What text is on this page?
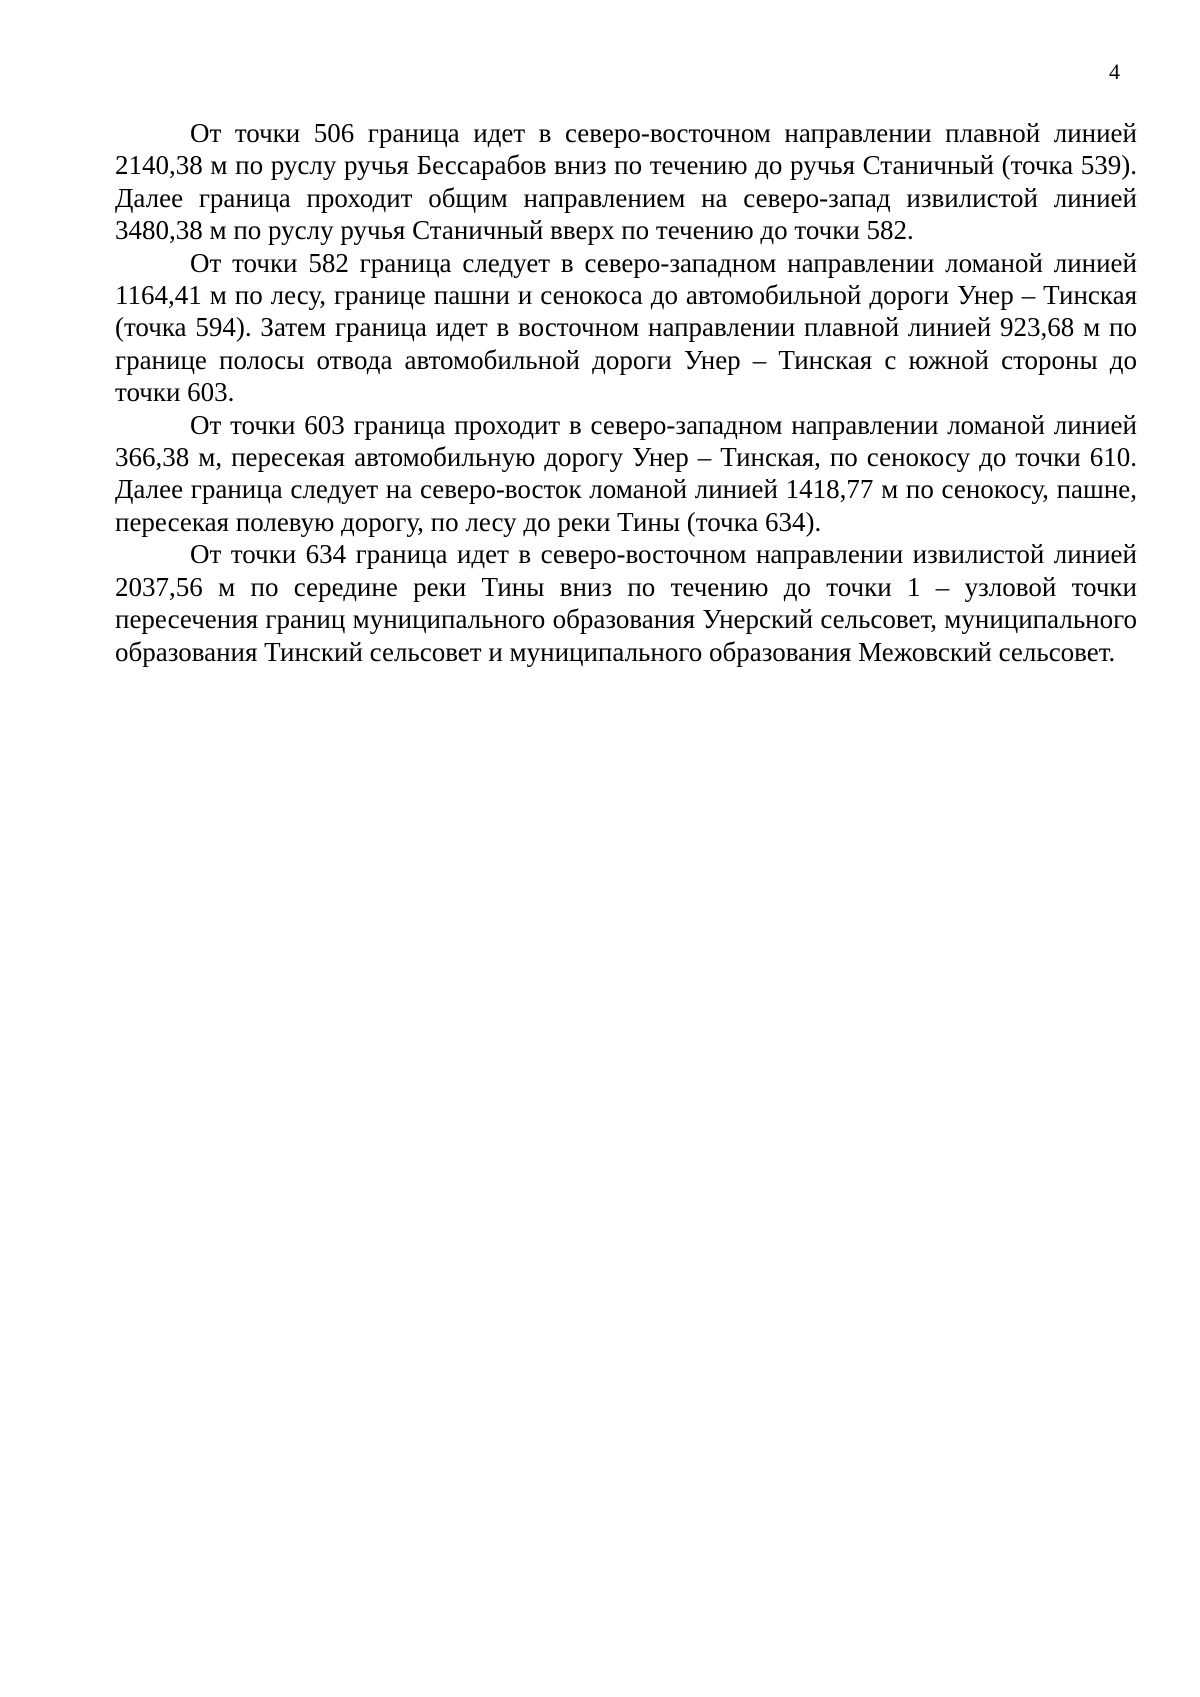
4

От точки 506 граница идет в северо-восточном направлении плавной линией 2140,38 м по руслу ручья Бессарабов вниз по течению до ручья Станичный (точка 539). Далее граница проходит общим направлением на северо-запад извилистой линией 3480,38 м по руслу ручья Станичный вверх по течению до точки 582.

От точки 582 граница следует в северо-западном направлении ломаной линией 1164,41 м по лесу, границе пашни и сенокоса до автомобильной дороги Унер – Тинская (точка 594). Затем граница идет в восточном направлении плавной линией 923,68 м по границе полосы отвода автомобильной дороги Унер – Тинская с южной стороны до точки 603.

От точки 603 граница проходит в северо-западном направлении ломаной линией 366,38 м, пересекая автомобильную дорогу Унер – Тинская, по сенокосу до точки 610. Далее граница следует на северо-восток ломаной линией 1418,77 м по сенокосу, пашне, пересекая полевую дорогу, по лесу до реки Тины (точка 634).

От точки 634 граница идет в северо-восточном направлении извилистой линией 2037,56 м по середине реки Тины вниз по течению до точки 1 – узловой точки пересечения границ муниципального образования Унерский сельсовет, муниципального образования Тинский сельсовет и муниципального образования Межовский сельсовет.
